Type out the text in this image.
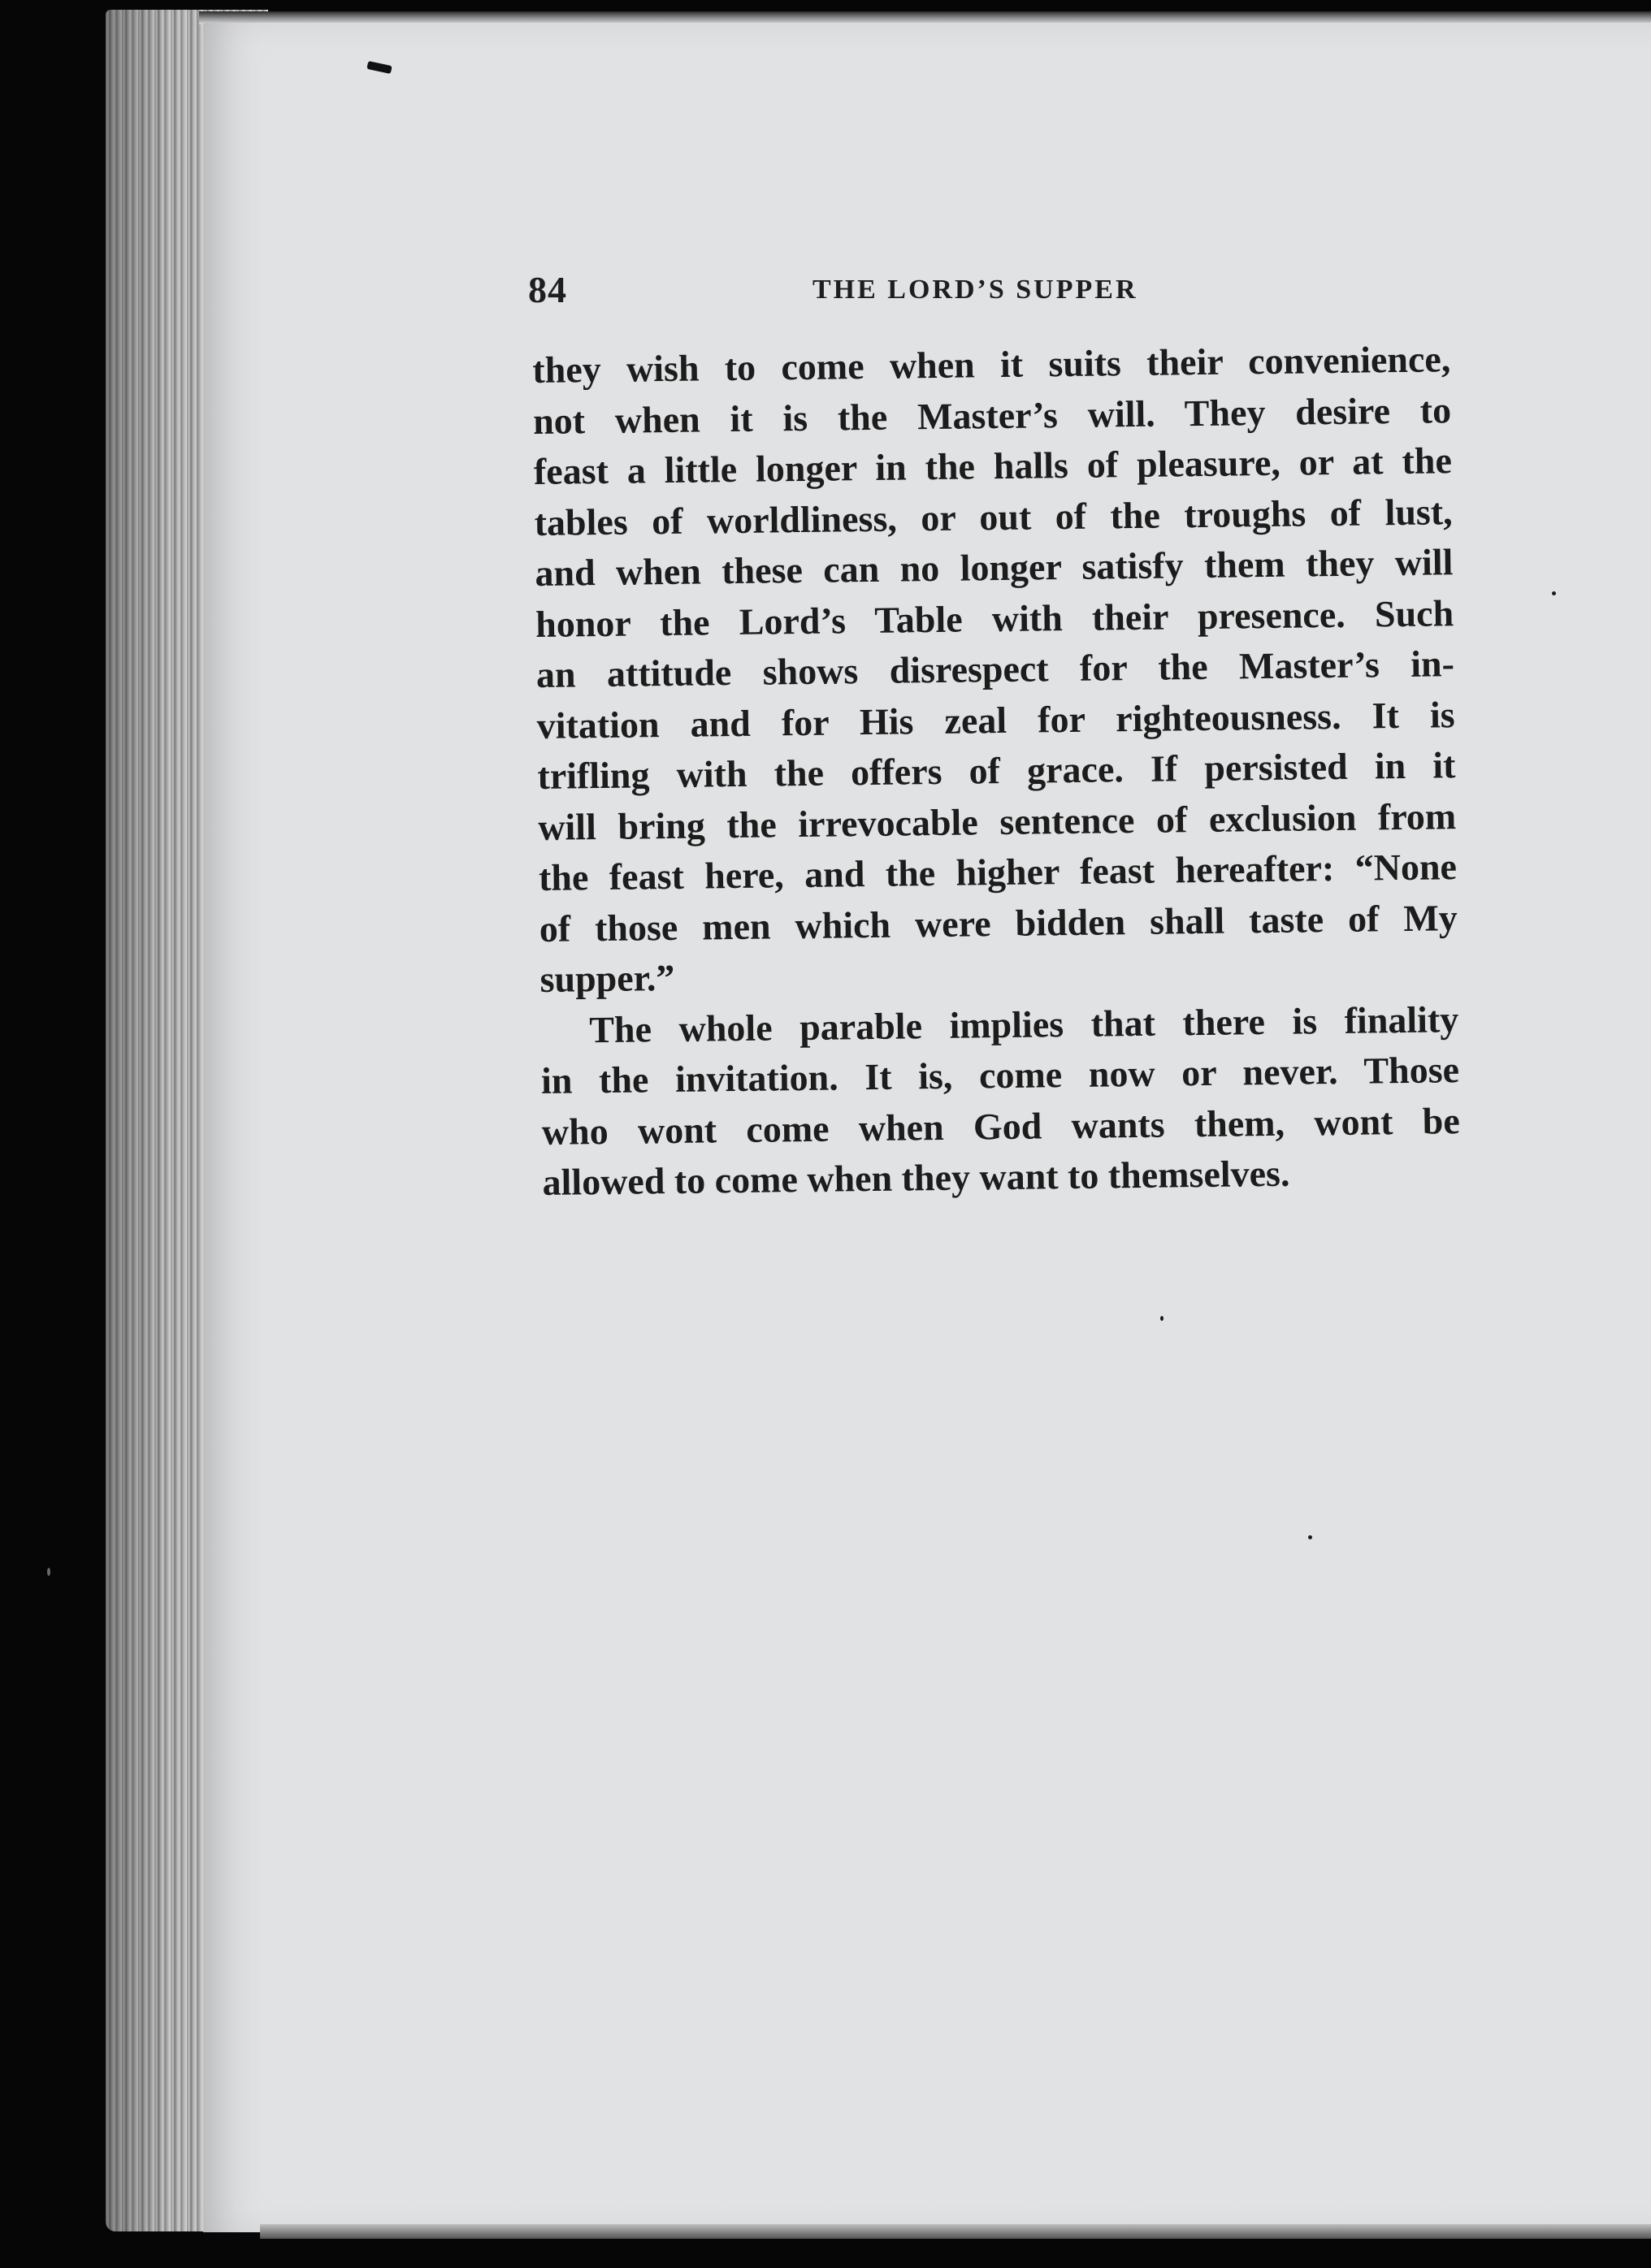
84	THE LORD’S SUPPER
they wish to come when it suits their convenience,
not when it is the Master’s will. They desire to
feast a little longer in the halls of pleasure, or at the
tables of worldliness, or out of the troughs of lust,
and when these can no longer satisfy them they will
honor the Lord’s Table with their presence. Such
an attitude shows disrespect for the Master’s in-
vitation and for His zeal for righteousness. It is
trifling with the offers of grace. If persisted in it
will bring the irrevocable sentence of exclusion from
the feast here, and the higher feast hereafter: “None
of those men which were bidden shall taste of My
supper.”
The whole parable implies that there is finality
in the invitation. It is, come now or never. Those
who wont come when God wants them, wont be
allowed to come when they want to themselves.
